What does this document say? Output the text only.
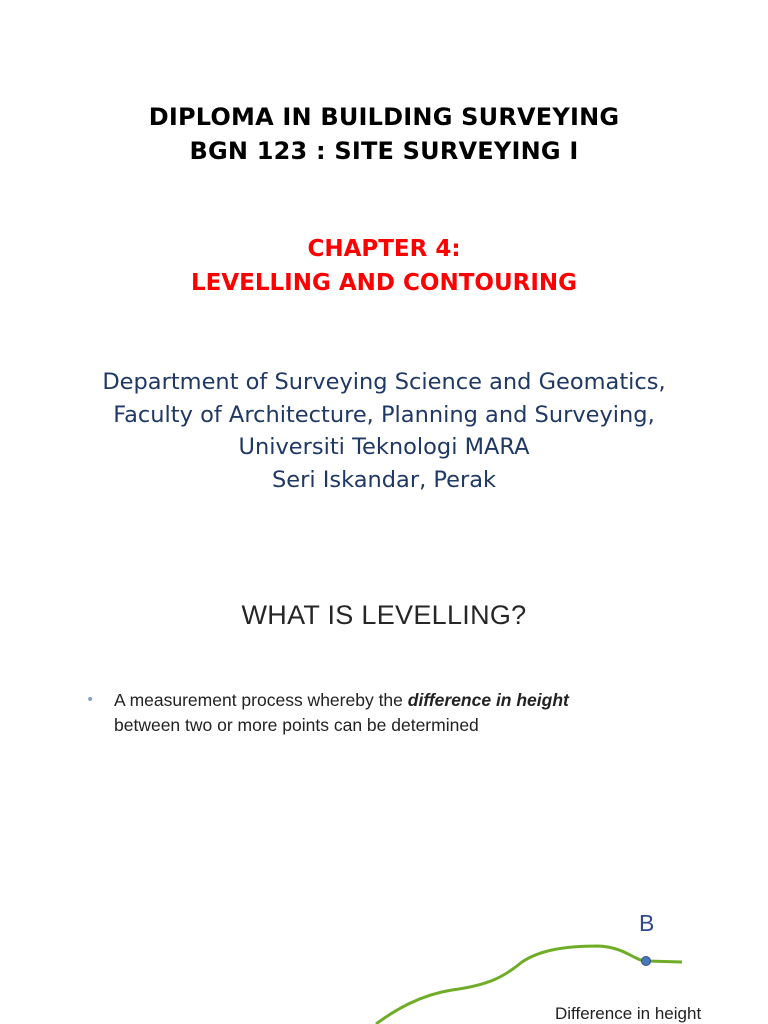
DIPLOMA IN BUILDING SURVEYING
BGN 123 : SITE SURVEYING I
CHAPTER 4:
LEVELLING AND CONTOURING
Department of Surveying Science and Geomatics,
Faculty of Architecture, Planning and Surveying,
Universiti Teknologi MARA
Seri Iskandar, Perak
WHAT IS LEVELLING?
• A measurement process whereby the difference in height
between two or more points can be determined
B
Difference in height
